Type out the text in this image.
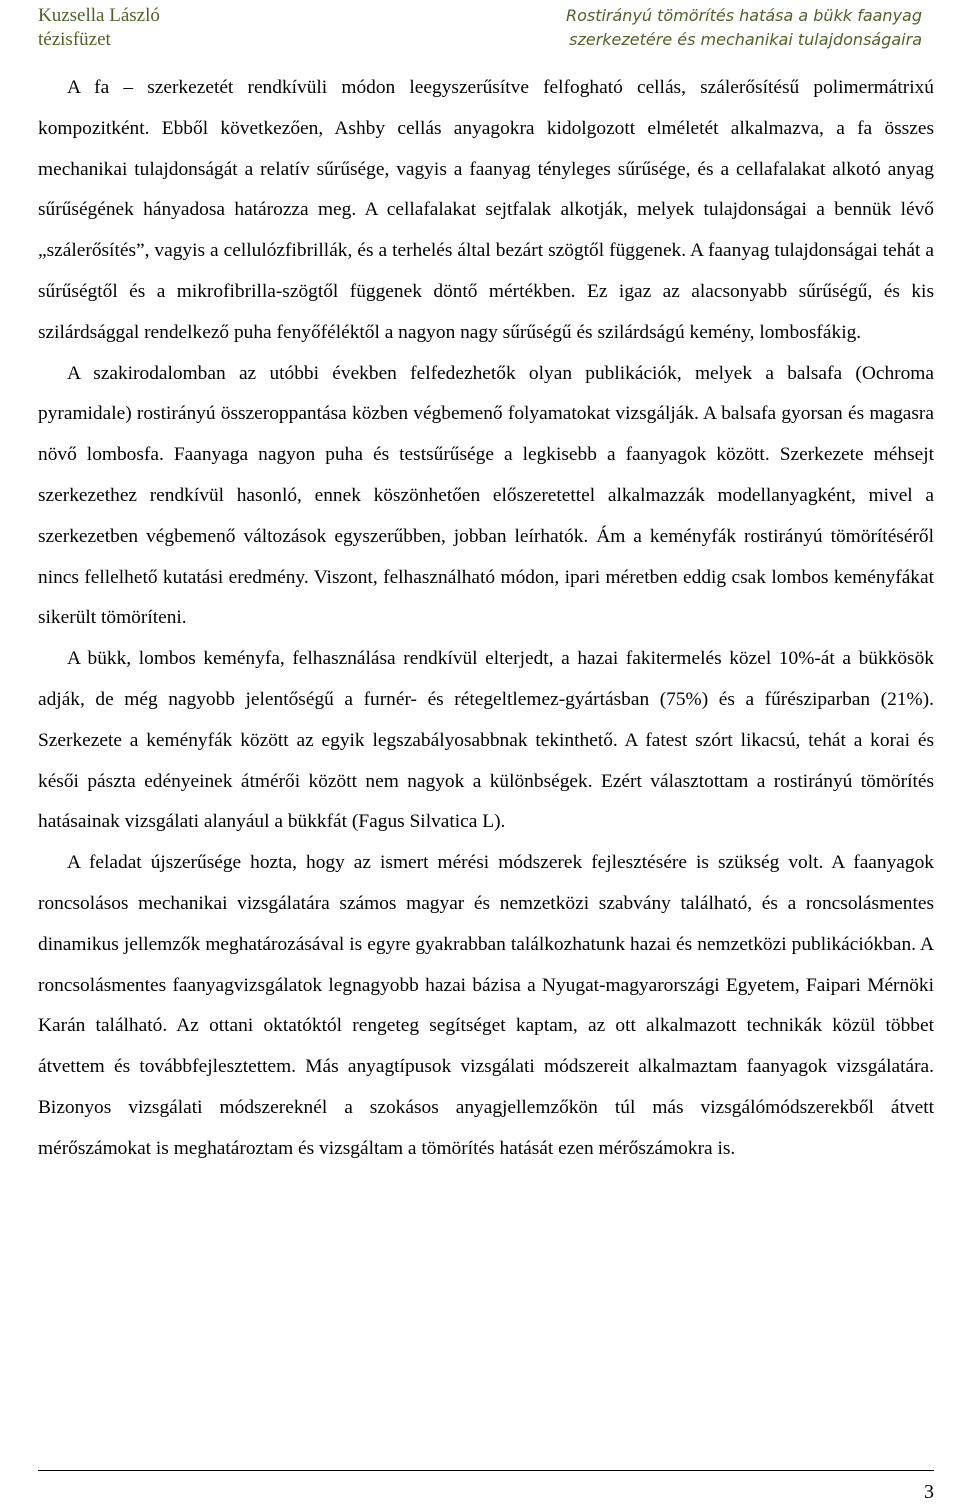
Kuzsella László
tézisfüzet
Rostirányú tömörítés hatása a bükk faanyag
szerkezetére és mechanikai tulajdonságaira

A fa – szerkezetét rendkívüli módon leegyszerűsítve felfogható cellás, szálerősítésű polimermátrixú kompozitként. Ebből következően, Ashby cellás anyagokra kidolgozott elméletét alkalmazva, a fa összes mechanikai tulajdonságát a relatív sűrűsége, vagyis a faanyag tényleges sűrűsége, és a cellafalakat alkotó anyag sűrűségének hányadosa határozza meg. A cellafalakat sejtfalak alkotják, melyek tulajdonságai a bennük lévő „szálerősítés”, vagyis a cellulózfibrillák, és a terhelés által bezárt szögtől függenek. A faanyag tulajdonságai tehát a sűrűségtől és a mikrofibrilla-szögtől függenek döntő mértékben. Ez igaz az alacsonyabb sűrűségű, és kis szilárdsággal rendelkező puha fenyőféléktől a nagyon nagy sűrűségű és szilárdságú kemény, lombosfákig.

A szakirodalomban az utóbbi években felfedezhetők olyan publikációk, melyek a balsafa (Ochroma pyramidale) rostirányú összeroppantása közben végbemenő folyamatokat vizsgálják. A balsafa gyorsan és magasra növő lombosfa. Faanyaga nagyon puha és testsűrűsége a legkisebb a faanyagok között. Szerkezete méhsejt szerkezethez rendkívül hasonló, ennek köszönhetően előszeretettel alkalmazzák modellanyagként, mivel a szerkezetben végbemenő változások egyszerűbben, jobban leírhatók. Ám a keményfák rostirányú tömörítéséről nincs fellelhető kutatási eredmény. Viszont, felhasználható módon, ipari méretben eddig csak lombos keményfákat sikerült tömöríteni.

A bükk, lombos keményfa, felhasználása rendkívül elterjedt, a hazai fakitermelés közel 10%-át a bükkösök adják, de még nagyobb jelentőségű a furnér- és rétegeltlemez-gyártásban (75%) és a fűrésziparban (21%). Szerkezete a keményfák között az egyik legszabályosabbnak tekinthető. A fatest szórt likacsú, tehát a korai és késői pászta edényeinek átmérői között nem nagyok a különbségek. Ezért választottam a rostirányú tömörítés hatásainak vizsgálati alanyául a bükkfát (Fagus Silvatica L).

A feladat újszerűsége hozta, hogy az ismert mérési módszerek fejlesztésére is szükség volt. A faanyagok roncsolásos mechanikai vizsgálatára számos magyar és nemzetközi szabvány található, és a roncsolásmentes dinamikus jellemzők meghatározásával is egyre gyakrabban találkozhatunk hazai és nemzetközi publikációkban. A roncsolásmentes faanyagvizsgálatok legnagyobb hazai bázisa a Nyugat-magyarországi Egyetem, Faipari Mérnöki Karán található. Az ottani oktatóktól rengeteg segítséget kaptam, az ott alkalmazott technikák közül többet átvettem és továbbfejlesztettem. Más anyagtípusok vizsgálati módszereit alkalmaztam faanyagok vizsgálatára. Bizonyos vizsgálati módszereknél a szokásos anyagjellemzőkön túl más vizsgálómódszerekből átvett mérőszámokat is meghatároztam és vizsgáltam a tömörítés hatását ezen mérőszámokra is.

3
